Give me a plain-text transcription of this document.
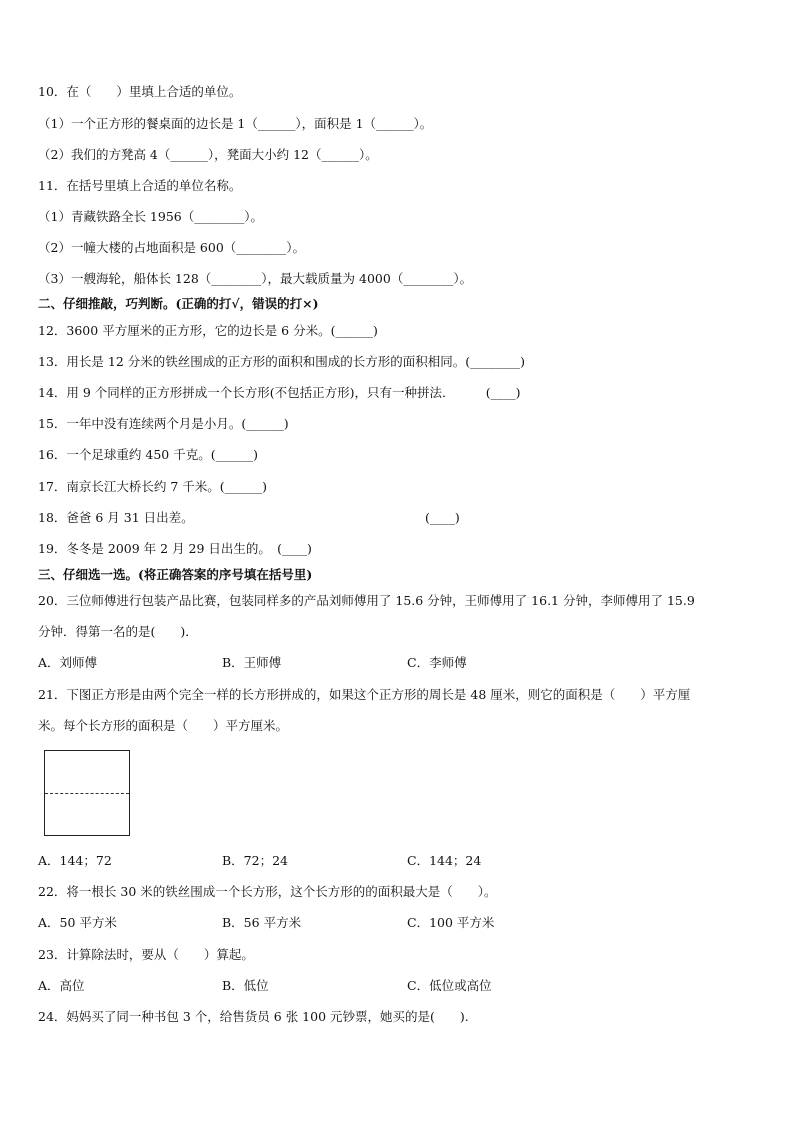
10．在（　　）里填上合适的单位。
（1）一个正方形的餐桌面的边长是 1（______），面积是 1（______）。
（2）我们的方凳高 4（______），凳面大小约 12（______）。
11．在括号里填上合适的单位名称。
（1）青藏铁路全长 1956（________）。
（2）一幢大楼的占地面积是 600（________）。
（3）一艘海轮，船体长 128（________），最大载质量为 4000（________）。
二、仔细推敲，巧判断。(正确的打√，错误的打×)
12．3600 平方厘米的正方形，它的边长是 6 分米。(______)
13．用长是 12 分米的铁丝围成的正方形的面积和围成的长方形的面积相同。(________)
14．用 9 个同样的正方形拼成一个长方形(不包括正方形)，只有一种拼法．　　　(____)
15．一年中没有连续两个月是小月。(______)
16．一个足球重约 450 千克。(______)
17．南京长江大桥长约 7 千米。(______)
18．爸爸 6 月 31 日出差。	(____)
19．冬冬是 2009 年 2 月 29 日出生的。　(____)
三、仔细选一选。(将正确答案的序号填在括号里)
20．三位师傅进行包装产品比赛，包装同样多的产品刘师傅用了 15.6 分钟，王师傅用了 16.1 分钟，李师傅用了 15.9
分钟．得第一名的是(　　)．
A．刘师傅	B．王师傅	C．李师傅
21．下图正方形是由两个完全一样的长方形拼成的，如果这个正方形的周长是 48 厘米，则它的面积是（　　）平方厘
米。每个长方形的面积是（　　）平方厘米。
A．144；72	B．72；24	C．144；24
22．将一根长 30 米的铁丝围成一个长方形，这个长方形的的面积最大是（　　）。
A．50 平方米	B．56 平方米	C．100 平方米
23．计算除法时，要从（　　）算起。
A．高位	B．低位	C．低位或高位
24．妈妈买了同一种书包 3 个，给售货员 6 张 100 元钞票，她买的是(　　).
